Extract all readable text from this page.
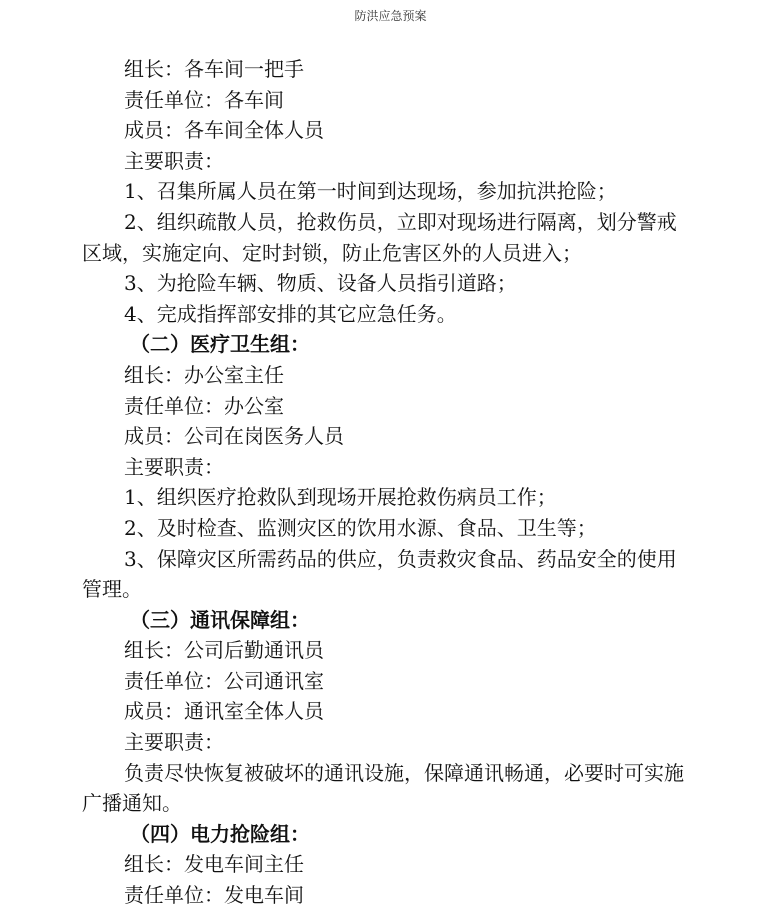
防洪应急预案
组长：各车间一把手
责任单位：各车间
成员：各车间全体人员
主要职责：
1、召集所属人员在第一时间到达现场，参加抗洪抢险；
2、组织疏散人员，抢救伤员，立即对现场进行隔离，划分警戒
区域，实施定向、定时封锁，防止危害区外的人员进入；
3、为抢险车辆、物质、设备人员指引道路；
4、完成指挥部安排的其它应急任务。
（二）医疗卫生组：
组长：办公室主任
责任单位：办公室
成员：公司在岗医务人员
主要职责：
1、组织医疗抢救队到现场开展抢救伤病员工作；
2、及时检查、监测灾区的饮用水源、食品、卫生等；
3、保障灾区所需药品的供应，负责救灾食品、药品安全的使用
管理。
（三）通讯保障组：
组长：公司后勤通讯员
责任单位：公司通讯室
成员：通讯室全体人员
主要职责：
负责尽快恢复被破坏的通讯设施，保障通讯畅通，必要时可实施
广播通知。
（四）电力抢险组：
组长：发电车间主任
责任单位：发电车间
